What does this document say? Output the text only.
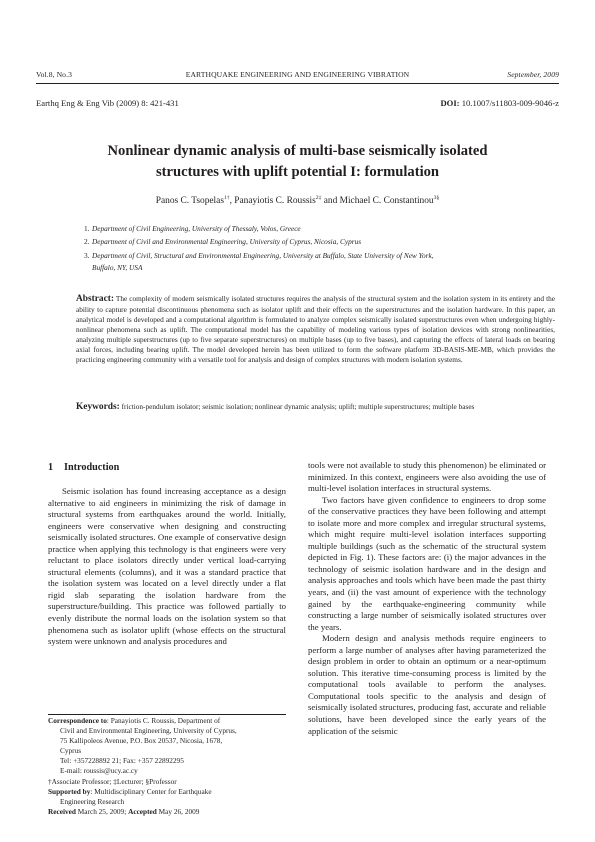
Vol.8, No.3	EARTHQUAKE ENGINEERING AND ENGINEERING VIBRATION	September, 2009
Earthq Eng & Eng Vib (2009) 8: 421-431	DOI: 10.1007/s11803-009-9046-z
Nonlinear dynamic analysis of multi-base seismically isolated
structures with uplift potential I: formulation
Panos C. Tsopelas$^{1\dagger}$, Panayiotis C. Roussis$^{2\ddagger}$ and Michael C. Constantinou$^{3\S}$
1. Department of Civil Engineering, University of Thessaly, Volos, Greece
2. Department of Civil and Environmental Engineering, University of Cyprus, Nicosia, Cyprus
3. Department of Civil, Structural and Environmental Engineering, University at Buffalo, State University of New York,
Buffalo, NY, USA
Abstract: The complexity of modern seismically isolated structures requires the analysis of the structural system and the isolation system in its entirety and the ability to capture potential discontinuous phenomena such as isolator uplift and their effects on the superstructures and the isolation hardware. In this paper, an analytical model is developed and a computational algorithm is formulated to analyze complex seismically isolated superstructures even when undergoing highly-nonlinear phenomena such as uplift. The computational model has the capability of modeling various types of isolation devices with strong nonlinearities, analyzing multiple superstructures (up to five separate superstructures) on multiple bases (up to five bases), and capturing the effects of lateral loads on bearing axial forces, including bearing uplift. The model developed herein has been utilized to form the software platform 3D-BASIS-ME-MB, which provides the practicing engineering community with a versatile tool for analysis and design of complex structures with modern isolation systems.
Keywords: friction-pendulum isolator; seismic isolation; nonlinear dynamic analysis; uplift; multiple superstructures; multiple bases
1 Introduction

Seismic isolation has found increasing acceptance as a design alternative to aid engineers in minimizing the risk of damage in structural systems from earthquakes around the world. Initially, engineers were conservative when designing and constructing seismically isolated structures. One example of conservative design practice when applying this technology is that engineers were very reluctant to place isolators directly under vertical load-carrying structural elements (columns), and it was a standard practice that the isolation system was located on a level directly under a flat rigid slab separating the isolation hardware from the superstructure/building. This practice was followed partially to evenly distribute the normal loads on the isolation system so that phenomena such as isolator uplift (whose effects on the structural system were unknown and analysis procedures and

tools were not available to study this phenomenon) be eliminated or minimized. In this context, engineers were also avoiding the use of multi-level isolation interfaces in structural systems.

Two factors have given confidence to engineers to drop some of the conservative practices they have been following and attempt to isolate more and more complex and irregular structural systems, which might require multi-level isolation interfaces supporting multiple buildings (such as the schematic of the structural system depicted in Fig. 1). These factors are: (i) the major advances in the technology of seismic isolation hardware and in the design and analysis approaches and tools which have been made the past thirty years, and (ii) the vast amount of experience with the technology gained by the earthquake-engineering community while constructing a large number of seismically isolated structures over the years.

Modern design and analysis methods require engineers to perform a large number of analyses after having parameterized the design problem in order to obtain an optimum or a near-optimum solution. This iterative time-consuming process is limited by the computational tools available to perform the analyses. Computational tools specific to the analysis and design of seismically isolated structures, producing fast, accurate and reliable solutions, have been developed since the early years of the application of the seismic

Correspondence to: Panayiotis C. Roussis, Department of
Civil and Environmental Engineering, University of Cyprus,
75 Kallipoleos Avenue, P.O. Box 20537, Nicosia, 1678,
Cyprus
Tel: +357228892 21; Fax: +357 22892295
E-mail: roussis@ucy.ac.cy
†Associate Professor; ‡Lecturer; §Professor
Supported by: Multidisciplinary Center for Earthquake
Engineering Research
Received March 25, 2009; Accepted May 26, 2009
